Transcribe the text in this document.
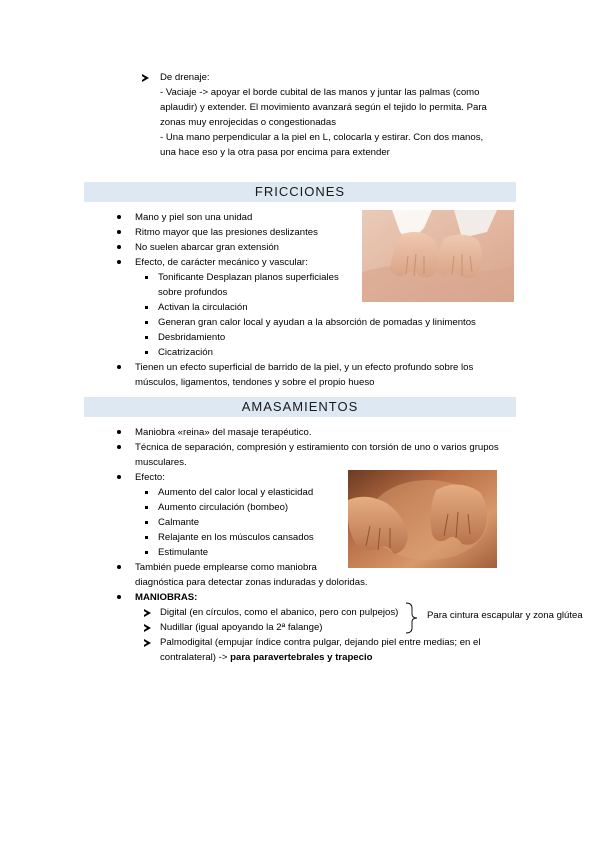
De drenaje:
- Vaciaje -> apoyar el borde cubital de las manos y juntar las palmas (como
aplaudir) y extender. El movimiento avanzará según el tejido lo permita. Para
zonas muy enrojecidas o congestionadas
- Una mano perpendicular a la piel en L, colocarla y estirar. Con dos manos,
una hace eso y la otra pasa por encima para extender
FRICCIONES
Mano y piel son una unidad
Ritmo mayor que las presiones deslizantes
No suelen abarcar gran extensión
Efecto, de carácter mecánico y vascular:
Tonificante Desplazan planos superficiales
sobre profundos
Activan la circulación
Generan gran calor local y ayudan a la absorción de pomadas y linimentos
Desbridamiento
Cicatrización
Tienen un efecto superficial de barrido de la piel, y un efecto profundo sobre los
músculos, ligamentos, tendones y sobre el propio hueso
AMASAMIENTOS
Maniobra «reina» del masaje terapéutico.
Técnica de separación, compresión y estiramiento con torsión de uno o varios grupos
musculares.
Efecto:
Aumento del calor local y elasticidad
Aumento circulación (bombeo)
Calmante
Relajante en los músculos cansados
Estimulante
También puede emplearse como maniobra
diagnóstica para detectar zonas induradas y doloridas.
MANIOBRAS:
Digital (en círculos, como el abanico, pero con pulpejos)
Nudillar (igual apoyando la 2ª falange)
Palmodigital (empujar índice contra pulgar, dejando piel entre medias; en el
contralateral) -> para paravertebrales y trapecio
Para cintura escapular y zona glútea
